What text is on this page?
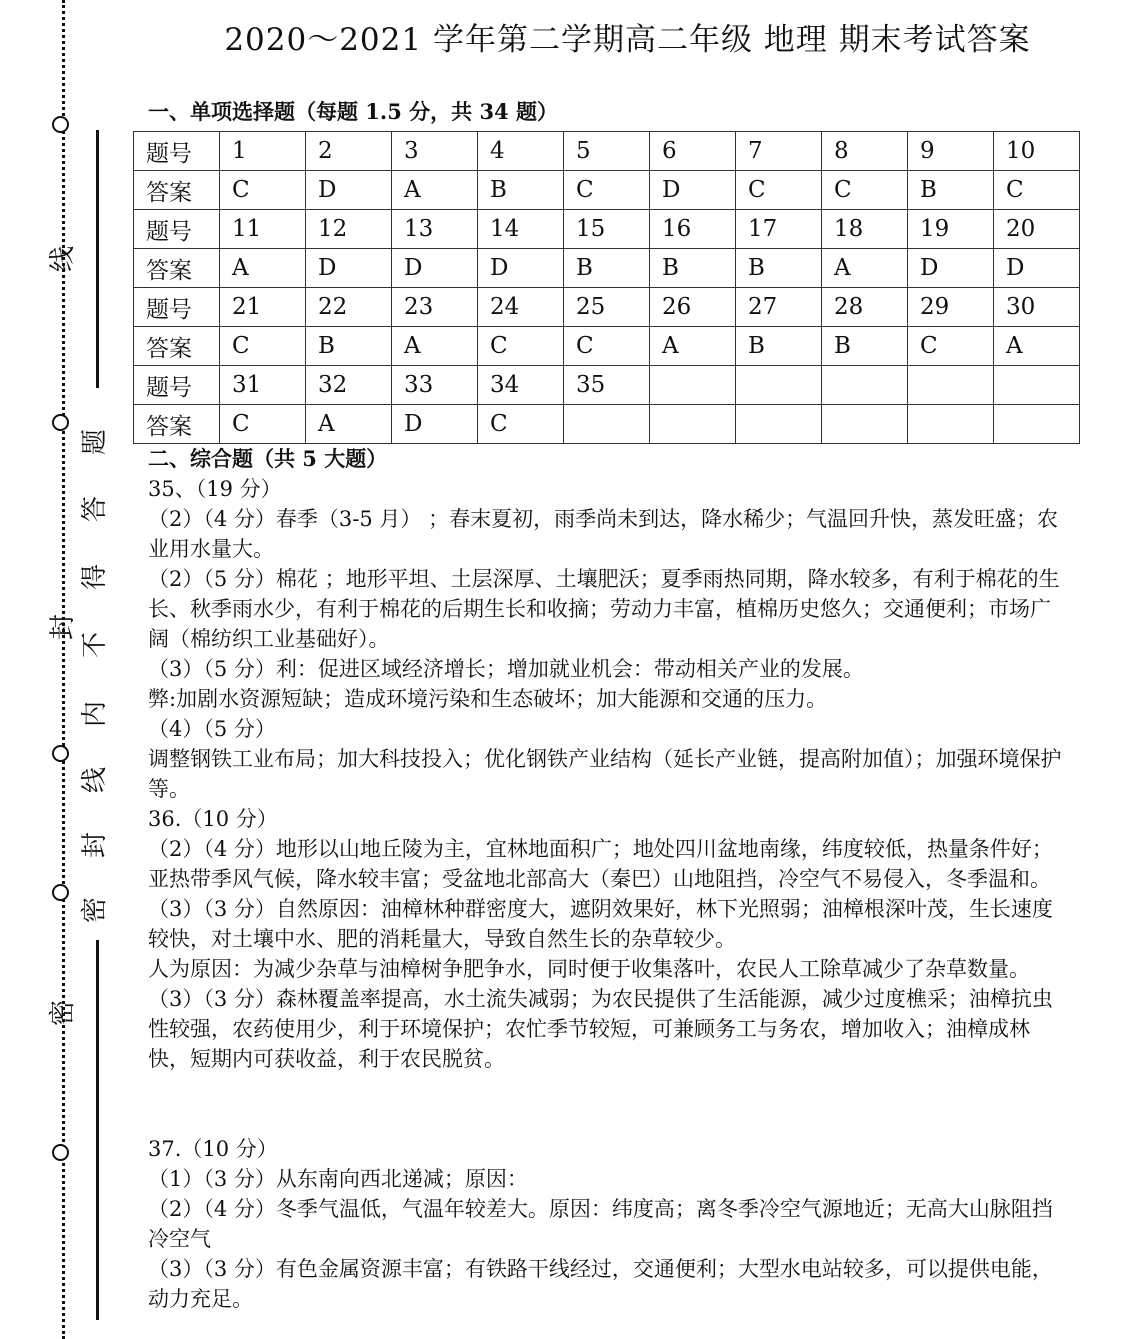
线
封
密
题
答
得
不
内
线
封
密
2020～2021 学年第二学期高二年级 地理 期末考试答案
一、单项选择题（每题 1.5 分，共 34 题）
题号	1	2	3	4	5	6	7	8	9	10
答案	C	D	A	B	C	D	C	C	B	C
题号	11	12	13	14	15	16	17	18	19	20
答案	A	D	D	D	B	B	B	A	D	D
题号	21	22	23	24	25	26	27	28	29	30
答案	C	B	A	C	C	A	B	B	C	A
题号	31	32	33	34	35					
答案	C	A	D	C						
二、综合题（共 5 大题）

35、（19 分）

（2）（4 分）春季（3-5 月） ；春末夏初，雨季尚未到达，降水稀少；气温回升快，蒸发旺盛；农业用水量大。

（2）（5 分）棉花 ；地形平坦、土层深厚、土壤肥沃；夏季雨热同期，降水较多，有利于棉花的生长、秋季雨水少，有利于棉花的后期生长和收摘；劳动力丰富，植棉历史悠久；交通便利；市场广阔（棉纺织工业基础好）。

（3）（5 分）利：促进区域经济增长；增加就业机会：带动相关产业的发展。

弊:加剧水资源短缺；造成环境污染和生态破坏；加大能源和交通的压力。

（4）（5 分）

调整钢铁工业布局；加大科技投入；优化钢铁产业结构（延长产业链，提高附加值）；加强环境保护等。

36.（10 分）

（2）（4 分）地形以山地丘陵为主，宜林地面积广；地处四川盆地南缘，纬度较低，热量条件好；亚热带季风气候，降水较丰富；受盆地北部高大（秦巴）山地阻挡，冷空气不易侵入，冬季温和。

（3）（3 分）自然原因：油樟林种群密度大，遮阴效果好，林下光照弱；油樟根深叶茂，生长速度较快，对土壤中水、肥的消耗量大，导致自然生长的杂草较少。

人为原因：为减少杂草与油樟树争肥争水，同时便于收集落叶，农民人工除草减少了杂草数量。

（3）（3 分）森林覆盖率提高，水土流失减弱；为农民提供了生活能源，减少过度樵采；油樟抗虫性较强，农药使用少，利于环境保护；农忙季节较短，可兼顾务工与务农，增加收入；油樟成林快，短期内可获收益，利于农民脱贫。

37.（10 分）

（1）（3 分）从东南向西北递减；原因：

（2）（4 分）冬季气温低，气温年较差大。原因：纬度高；离冬季冷空气源地近；无高大山脉阻挡冷空气

（3）（3 分）有色金属资源丰富；有铁路干线经过，交通便利；大型水电站较多，可以提供电能，动力充足。
